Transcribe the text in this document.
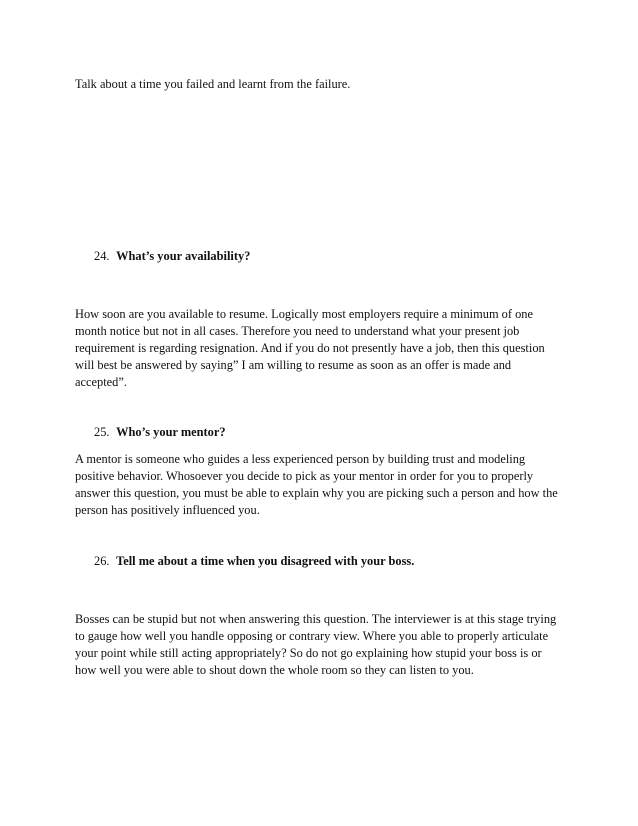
Talk about a time you failed and learnt from the failure.

24. What’s your availability?

How soon are you available to resume. Logically most employers require a minimum of one
month notice but not in all cases. Therefore you need to understand what your present job
requirement is regarding resignation. And if you do not presently have a job, then this question
will best be answered by saying” I am willing to resume as soon as an offer is made and
accepted”.

25. Who’s your mentor?

A mentor is someone who guides a less experienced person by building trust and modeling
positive behavior. Whosoever you decide to pick as your mentor in order for you to properly
answer this question, you must be able to explain why you are picking such a person and how the
person has positively influenced you.

26. Tell me about a time when you disagreed with your boss.

Bosses can be stupid but not when answering this question. The interviewer is at this stage trying
to gauge how well you handle opposing or contrary view. Where you able to properly articulate
your point while still acting appropriately? So do not go explaining how stupid your boss is or
how well you were able to shout down the whole room so they can listen to you.
